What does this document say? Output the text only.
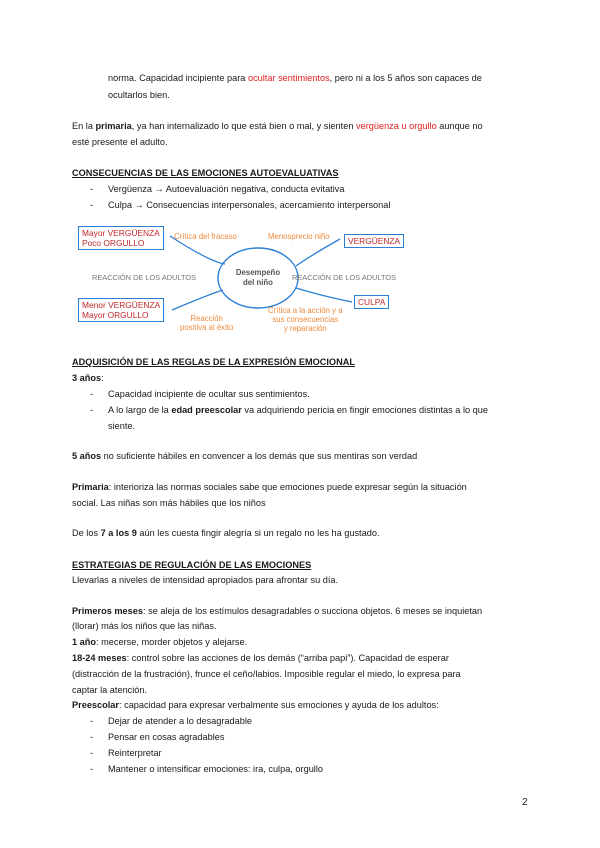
norma. Capacidad incipiente para ocultar sentimientos, pero ni a los 5 años son capaces de
ocultarlos bien.
En la primaria, ya han internalizado lo que está bien o mal, y sienten vergüenza u orgullo aunque no
esté presente el adulto.
CONSECUENCIAS DE LAS EMOCIONES AUTOEVALUATIVAS
- Vergüenza → Autoevaluación negativa, conducta evitativa
- Culpa → Consecuencias interpersonales, acercamiento interpersonal
Mayor VERGÜENZA
Poco ORGULLO
Menor VERGÜENZA
Mayor ORGULLO
VERGÜENZA
CULPA
Desempeño
del niño
Crítica del fracaso	Menosprecio niño
Reacción
positiva al éxito
Crítica a la acción y a
sus consecuencias
y reparación
REACCIÓN DE LOS ADULTOS	REACCIÓN DE LOS ADULTOS
ADQUISICIÓN DE LAS REGLAS DE LA EXPRESIÓN EMOCIONAL
3 años:
- Capacidad incipiente de ocultar sus sentimientos.
- A lo largo de la edad preescolar va adquiriendo pericia en fingir emociones distintas a lo que
siente.
5 años no suficiente hábiles en convencer a los demás que sus mentiras son verdad
Primaria: interioriza las normas sociales sabe que emociones puede expresar según la situación
social. Las niñas son más hábiles que los niños
De los 7 a los 9 aún les cuesta fingir alegría si un regalo no les ha gustado.
ESTRATEGIAS DE REGULACIÓN DE LAS EMOCIONES
Llevarlas a niveles de intensidad apropiados para afrontar su día.
Primeros meses: se aleja de los estímulos desagradables o succiona objetos. 6 meses se inquietan
(llorar) más los niños que las niñas.
1 año: mecerse, morder objetos y alejarse.
18-24 meses: control sobre las acciones de los demás (“arriba papi”). Capacidad de esperar
(distracción de la frustración), frunce el ceño/labios. Imposible regular el miedo, lo expresa para
captar la atención.
Preescolar: capacidad para expresar verbalmente sus emociones y ayuda de los adultos:
- Dejar de atender a lo desagradable
- Pensar en cosas agradables
- Reinterpretar
- Mantener o intensificar emociones: ira, culpa, orgullo
2
